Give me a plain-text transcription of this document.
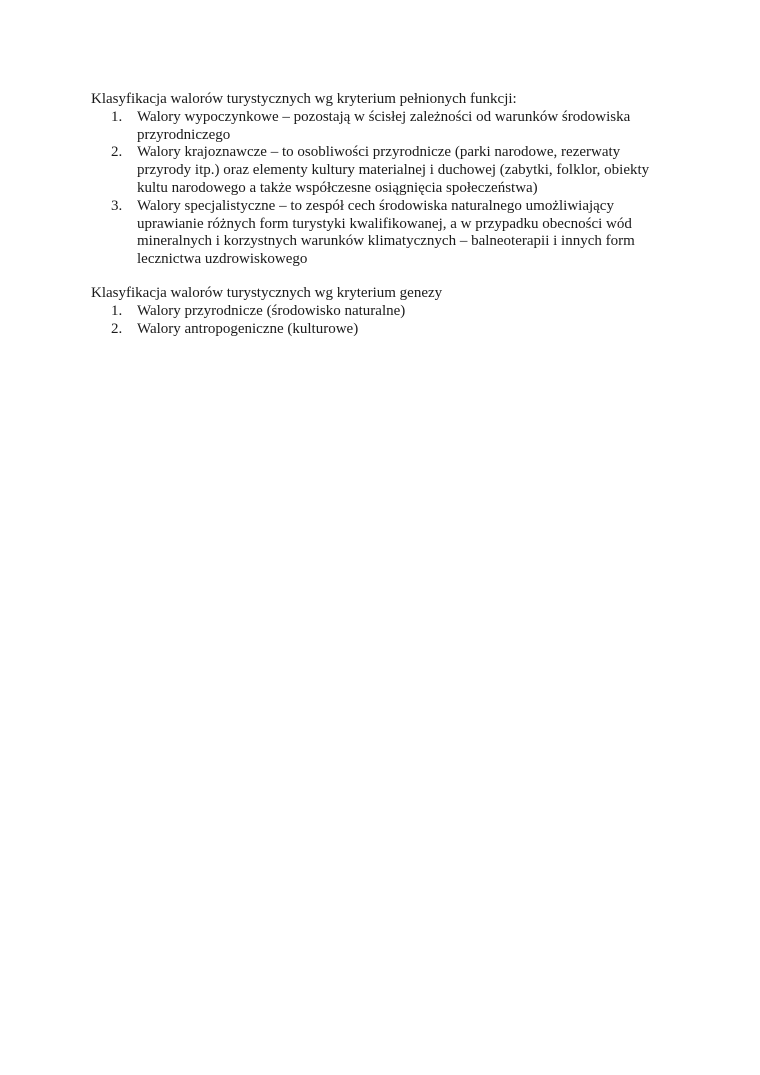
Klasyfikacja walorów turystycznych wg kryterium pełnionych funkcji:

1. Walory wypoczynkowe – pozostają w ścisłej zależności od warunków środowiska
przyrodniczego
2. Walory krajoznawcze – to osobliwości przyrodnicze (parki narodowe, rezerwaty
przyrody itp.) oraz elementy kultury materialnej i duchowej (zabytki, folklor, obiekty
kultu narodowego a także współczesne osiągnięcia społeczeństwa)
3. Walory specjalistyczne – to zespół cech środowiska naturalnego umożliwiający
uprawianie różnych form turystyki kwalifikowanej, a w przypadku obecności wód
mineralnych i korzystnych warunków klimatycznych – balneoterapii i innych form
lecznictwa uzdrowiskowego

Klasyfikacja walorów turystycznych wg kryterium genezy

1. Walory przyrodnicze (środowisko naturalne)
2. Walory antropogeniczne (kulturowe)
